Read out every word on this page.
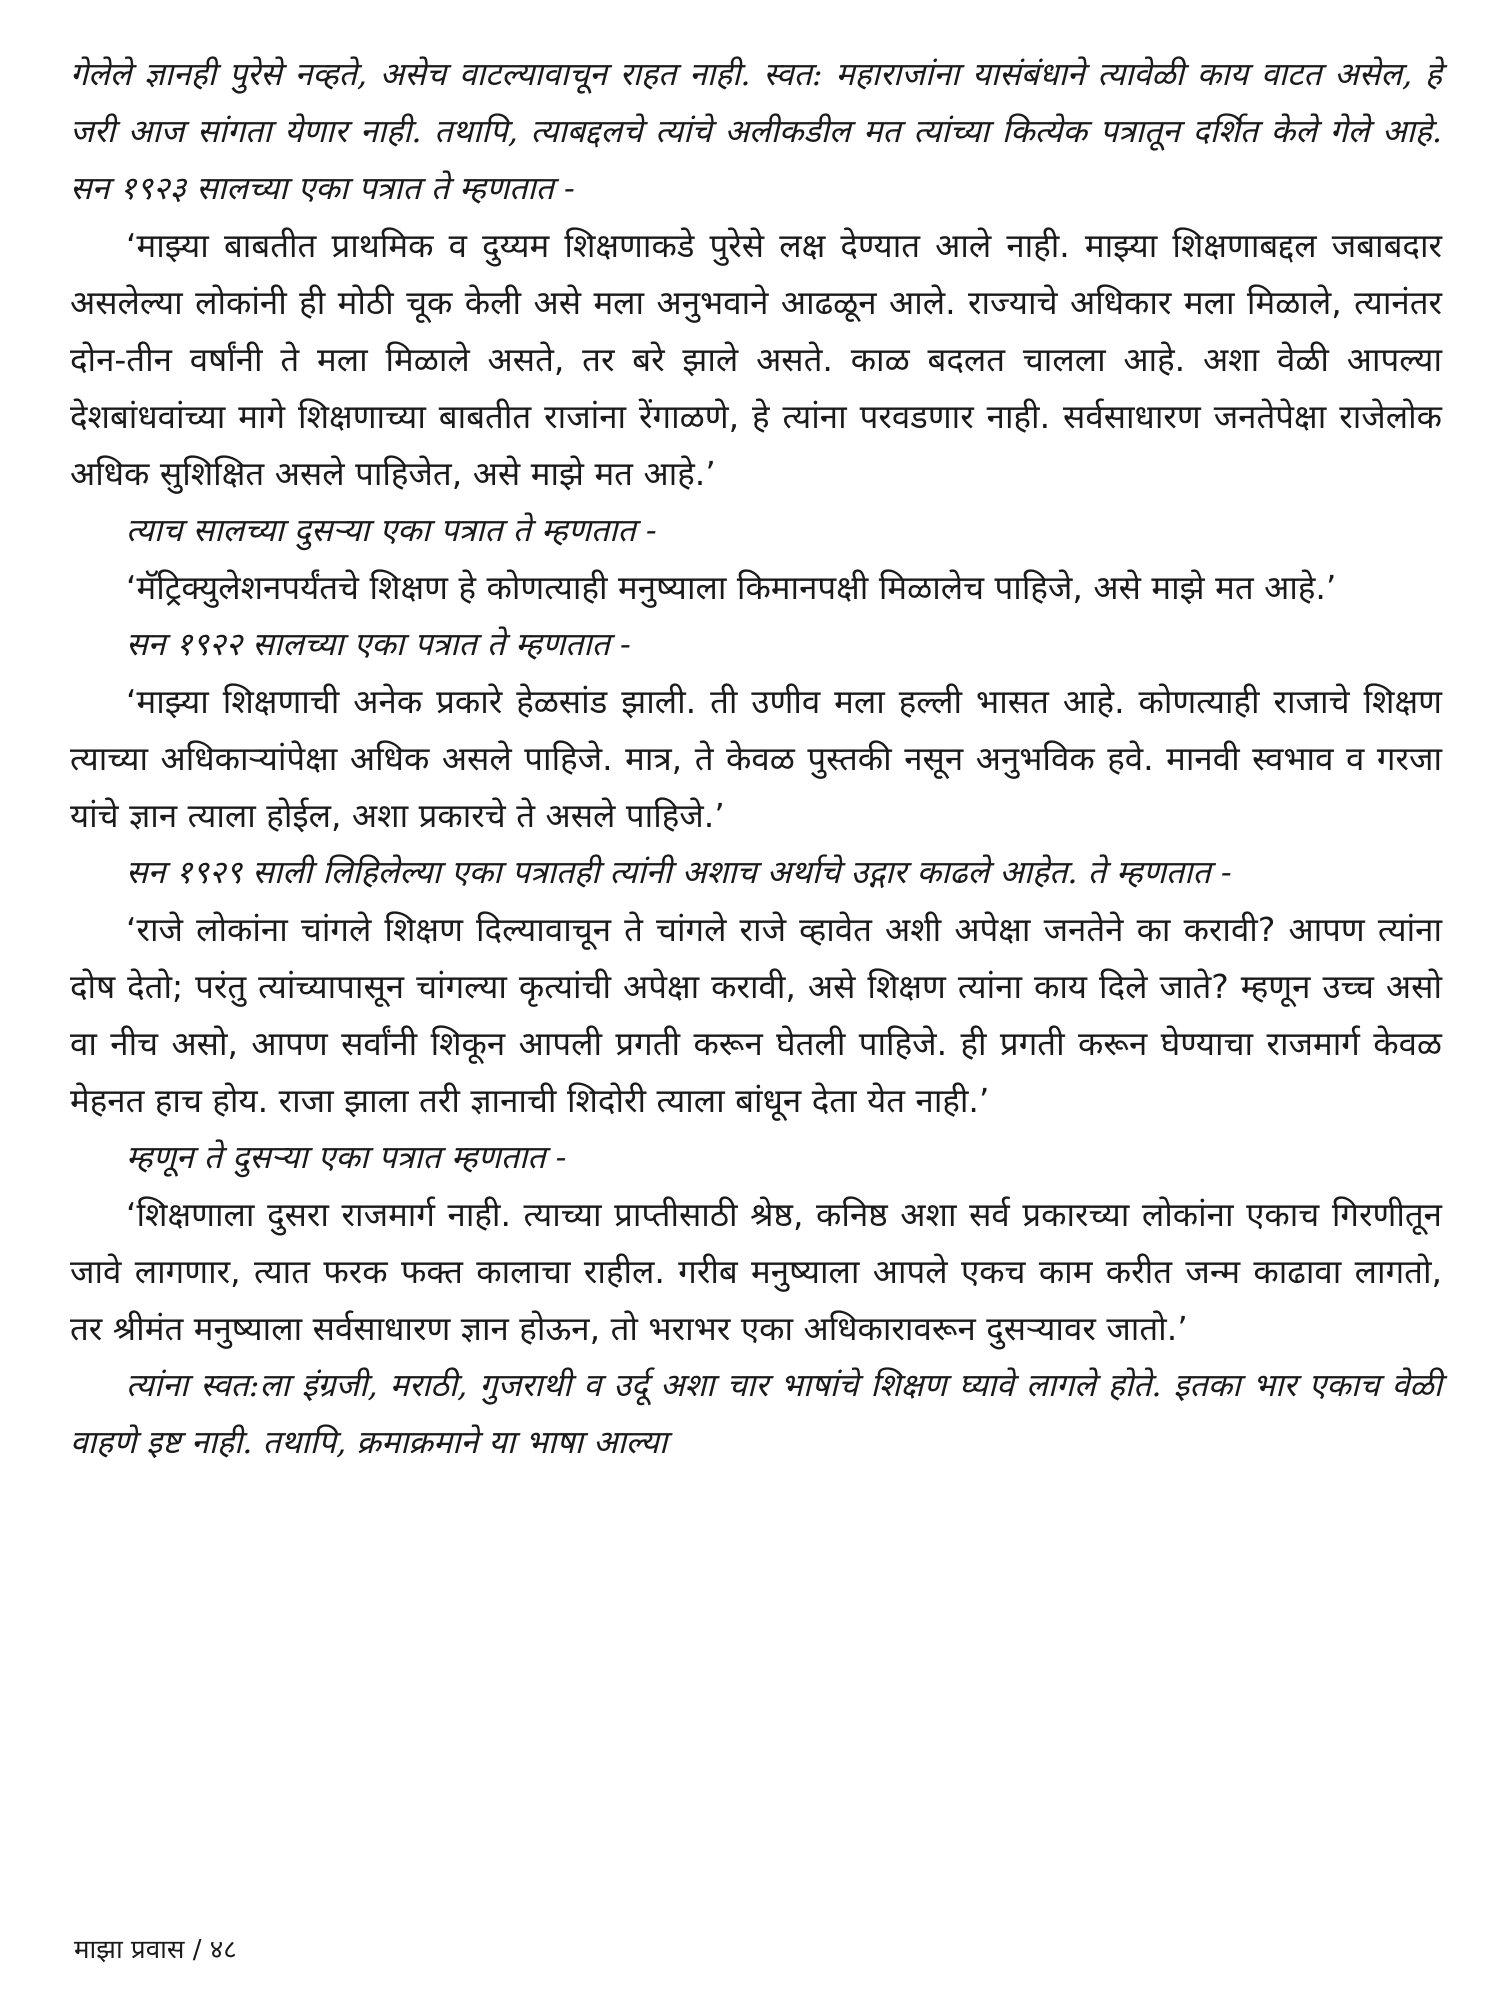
गेलेले ज्ञानही पुरेसे नव्हते, असेच वाटल्यावाचून राहत नाही. स्वत: महाराजांना यासंबंधाने त्यावेळी काय वाटत असेल, हे जरी आज सांगता येणार नाही. तथापि, त्याबद्दलचे त्यांचे अलीकडील मत त्यांच्या कित्येक पत्रातून दर्शित केले गेले आहे. सन १९२३ सालच्या एका पत्रात ते म्हणतात -

‘माझ्या बाबतीत प्राथमिक व दुय्यम शिक्षणाकडे पुरेसे लक्ष देण्यात आले नाही. माझ्या शिक्षणाबद्दल जबाबदार असलेल्या लोकांनी ही मोठी चूक केली असे मला अनुभवाने आढळून आले. राज्याचे अधिकार मला मिळाले, त्यानंतर दोन-तीन वर्षांनी ते मला मिळाले असते, तर बरे झाले असते. काळ बदलत चालला आहे. अशा वेळी आपल्या देशबांधवांच्या मागे शिक्षणाच्या बाबतीत राजांना रेंगाळणे, हे त्यांना परवडणार नाही. सर्वसाधारण जनतेपेक्षा राजेलोक अधिक सुशिक्षित असले पाहिजेत, असे माझे मत आहे.’

त्याच सालच्या दुसऱ्या एका पत्रात ते म्हणतात -

‘मॅट्रिक्युलेशनपर्यंतचे शिक्षण हे कोणत्याही मनुष्याला किमानपक्षी मिळालेच पाहिजे, असे माझे मत आहे.’

सन १९२२ सालच्या एका पत्रात ते म्हणतात -

‘माझ्या शिक्षणाची अनेक प्रकारे हेळसांड झाली. ती उणीव मला हल्ली भासत आहे. कोणत्याही राजाचे शिक्षण त्याच्या अधिकाऱ्यांपेक्षा अधिक असले पाहिजे. मात्र, ते केवळ पुस्तकी नसून अनुभविक हवे. मानवी स्वभाव व गरजा यांचे ज्ञान त्याला होईल, अशा प्रकारचे ते असले पाहिजे.’

सन १९२९ साली लिहिलेल्या एका पत्रातही त्यांनी अशाच अर्थाचे उद्गार काढले आहेत. ते म्हणतात -

‘राजे लोकांना चांगले शिक्षण दिल्यावाचून ते चांगले राजे व्हावेत अशी अपेक्षा जनतेने का करावी? आपण त्यांना दोष देतो; परंतु त्यांच्यापासून चांगल्या कृत्यांची अपेक्षा करावी, असे शिक्षण त्यांना काय दिले जाते? म्हणून उच्च असो वा नीच असो, आपण सर्वांनी शिकून आपली प्रगती करून घेतली पाहिजे. ही प्रगती करून घेण्याचा राजमार्ग केवळ मेहनत हाच होय. राजा झाला तरी ज्ञानाची शिदोरी त्याला बांधून देता येत नाही.’

म्हणून ते दुसऱ्या एका पत्रात म्हणतात -

‘शिक्षणाला दुसरा राजमार्ग नाही. त्याच्या प्राप्तीसाठी श्रेष्ठ, कनिष्ठ अशा सर्व प्रकारच्या लोकांना एकाच गिरणीतून जावे लागणार, त्यात फरक फक्त कालाचा राहील. गरीब मनुष्याला आपले एकच काम करीत जन्म काढावा लागतो, तर श्रीमंत मनुष्याला सर्वसाधारण ज्ञान होऊन, तो भराभर एका अधिकारावरून दुसऱ्यावर जातो.’

त्यांना स्वत:ला इंग्रजी, मराठी, गुजराथी व उर्दू अशा चार भाषांचे शिक्षण घ्यावे लागले होते. इतका भार एकाच वेळी वाहणे इष्ट नाही. तथापि, क्रमाक्रमाने या भाषा आल्या

माझा प्रवास / ४८
